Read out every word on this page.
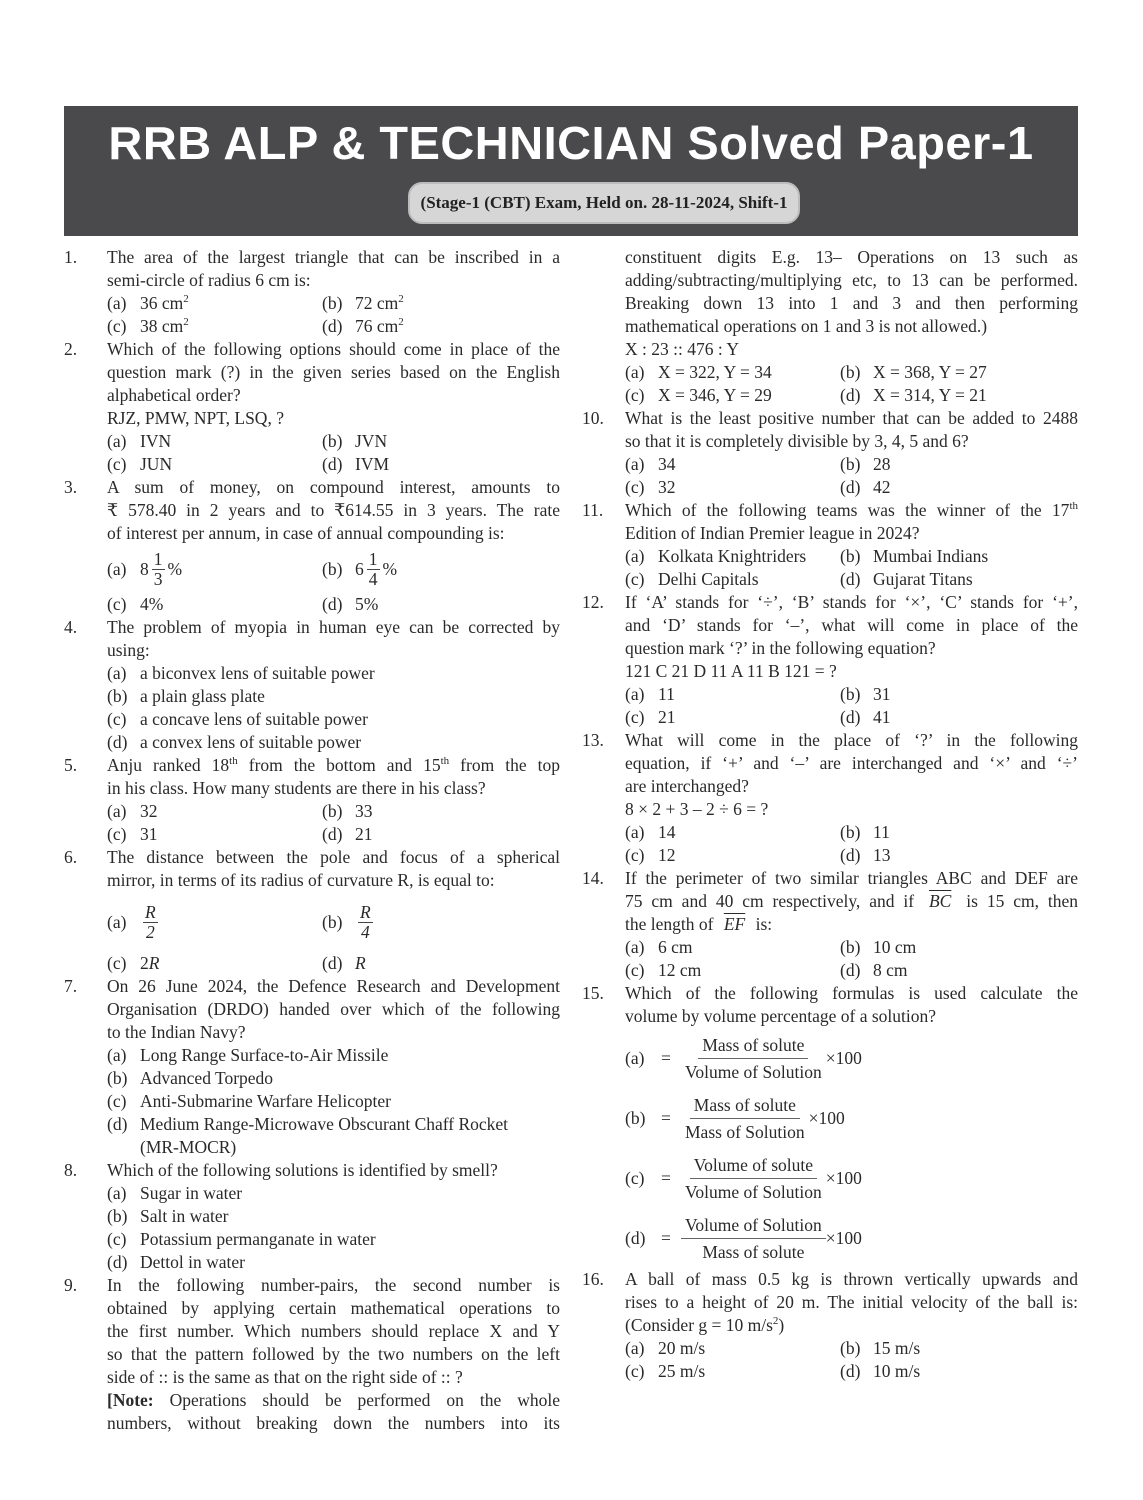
RRB ALP & TECHNICIAN Solved Paper-1
(Stage-1 (CBT) Exam, Held on. 28-11-2024, Shift-1
1. The area of the largest triangle that can be inscribed in a
semi-circle of radius 6 cm is:
(a) 36 $cm^2$	(b) 72 $cm^2$
(c) 38 $cm^2$	(d) 76 $cm^2$
2. Which of the following options should come in place of the
question mark (?) in the given series based on the English
alphabetical order?
RJZ, PMW, NPT, LSQ, ?
(a) IVN	(b) JVN
(c) JUN	(d) IVM
3. A sum of money, on compound interest, amounts to
₹ 578.40 in 2 years and to ₹614.55 in 3 years. The rate
of interest per annum, in case of annual compounding is:
(a) $8 \frac{1}{3}$ %	(b) $6 \frac{1}{4}$ %
(c) 4%	(d) 5%
4. The problem of myopia in human eye can be corrected by
using:
(a) a biconvex lens of suitable power
(b) a plain glass plate
(c) a concave lens of suitable power
(d) a convex lens of suitable power
5. Anju ranked 18th from the bottom and 15th from the top
in his class. How many students are there in his class?
(a) 32	(b) 33
(c) 31	(d) 21
6. The distance between the pole and focus of a spherical
mirror, in terms of its radius of curvature R, is equal to:
$(a) \frac{R}{2}$	$(b) \frac{R}{4}$
(c) 2R	(d) R
7. On 26 June 2024, the Defence Research and Development
Organisation (DRDO) handed over which of the following
to the Indian Navy?
(a) Long Range Surface-to-Air Missile
(b) Advanced Torpedo
(c) Anti-Submarine Warfare Helicopter
(d) Medium Range-Microwave Obscurant Chaff Rocket
(MR-MOCR)
8. Which of the following solutions is identified by smell?
(a) Sugar in water
(b) Salt in water
(c) Potassium permanganate in water
(d) Dettol in water
9. In the following number-pairs, the second number is
obtained by applying certain mathematical operations to
the first number. Which numbers should replace X and Y
so that the pattern followed by the two numbers on the left
side of :: is the same as that on the right side of :: ?
[Note: Operations should be performed on the whole
numbers, without breaking down the numbers into its
constituent digits E.g. 13– Operations on 13 such as
adding/subtracting/multiplying etc, to 13 can be performed.
Breaking down 13 into 1 and 3 and then performing
mathematical operations on 1 and 3 is not allowed.)
X : 23 :: 476 : Y
(a) X = 322, Y = 34	(b) X = 368, Y = 27
(c) X = 346, Y = 29	(d) X = 314, Y = 21
10. What is the least positive number that can be added to 2488
so that it is completely divisible by 3, 4, 5 and 6?
(a) 34	(b) 28
(c) 32	(d) 42
11. Which of the following teams was the winner of the 17th
Edition of Indian Premier league in 2024?
(a) Kolkata Knightriders	(b) Mumbai Indians
(c) Delhi Capitals	(d) Gujarat Titans
12. If ‘A’ stands for ‘÷’, ‘B’ stands for ‘×’, ‘C’ stands for ‘+’,
and ‘D’ stands for ‘–’, what will come in place of the
question mark ‘?’ in the following equation?
121 C 21 D 11 A 11 B 121 = ?
(a) 11	(b) 31
(c) 21	(d) 41
13. What will come in the place of ‘?’ in the following
equation, if ‘+’ and ‘–’ are interchanged and ‘×’ and ‘÷’
are interchanged?
8 × 2 + 3 – 2 ÷ 6 = ?
(a) 14	(b) 11
(c) 12	(d) 13
14. If the perimeter of two similar triangles ABC and DEF are
75 cm and 40 cm respectively, and if $\overline{BC}$ is 15 cm, then
the length of $\overline{EF}$ is:
(a) 6 cm	(b) 10 cm
(c) 12 cm	(d) 8 cm
15. Which of the following formulas is used calculate the
volume by volume percentage of a solution?
$(a) = \frac{\text{Mass of solute}}{\text{Volume of Solution}} \times 100$
$(b) = \frac{\text{Mass of solute}}{\text{Mass of Solution}} \times 100$
$(c) = \frac{\text{Volume of solute}}{\text{Volume of Solution}} \times 100$
$(d) = \frac{\text{Volume of Solution}}{\text{Mass of solute}} \times 100$
16. A ball of mass 0.5 kg is thrown vertically upwards and
rises to a height of 20 m. The initial velocity of the ball is:
(Consider g = 10 $m/s^2$)
(a) 20 m/s	(b) 15 m/s
(c) 25 m/s	(d) 10 m/s
